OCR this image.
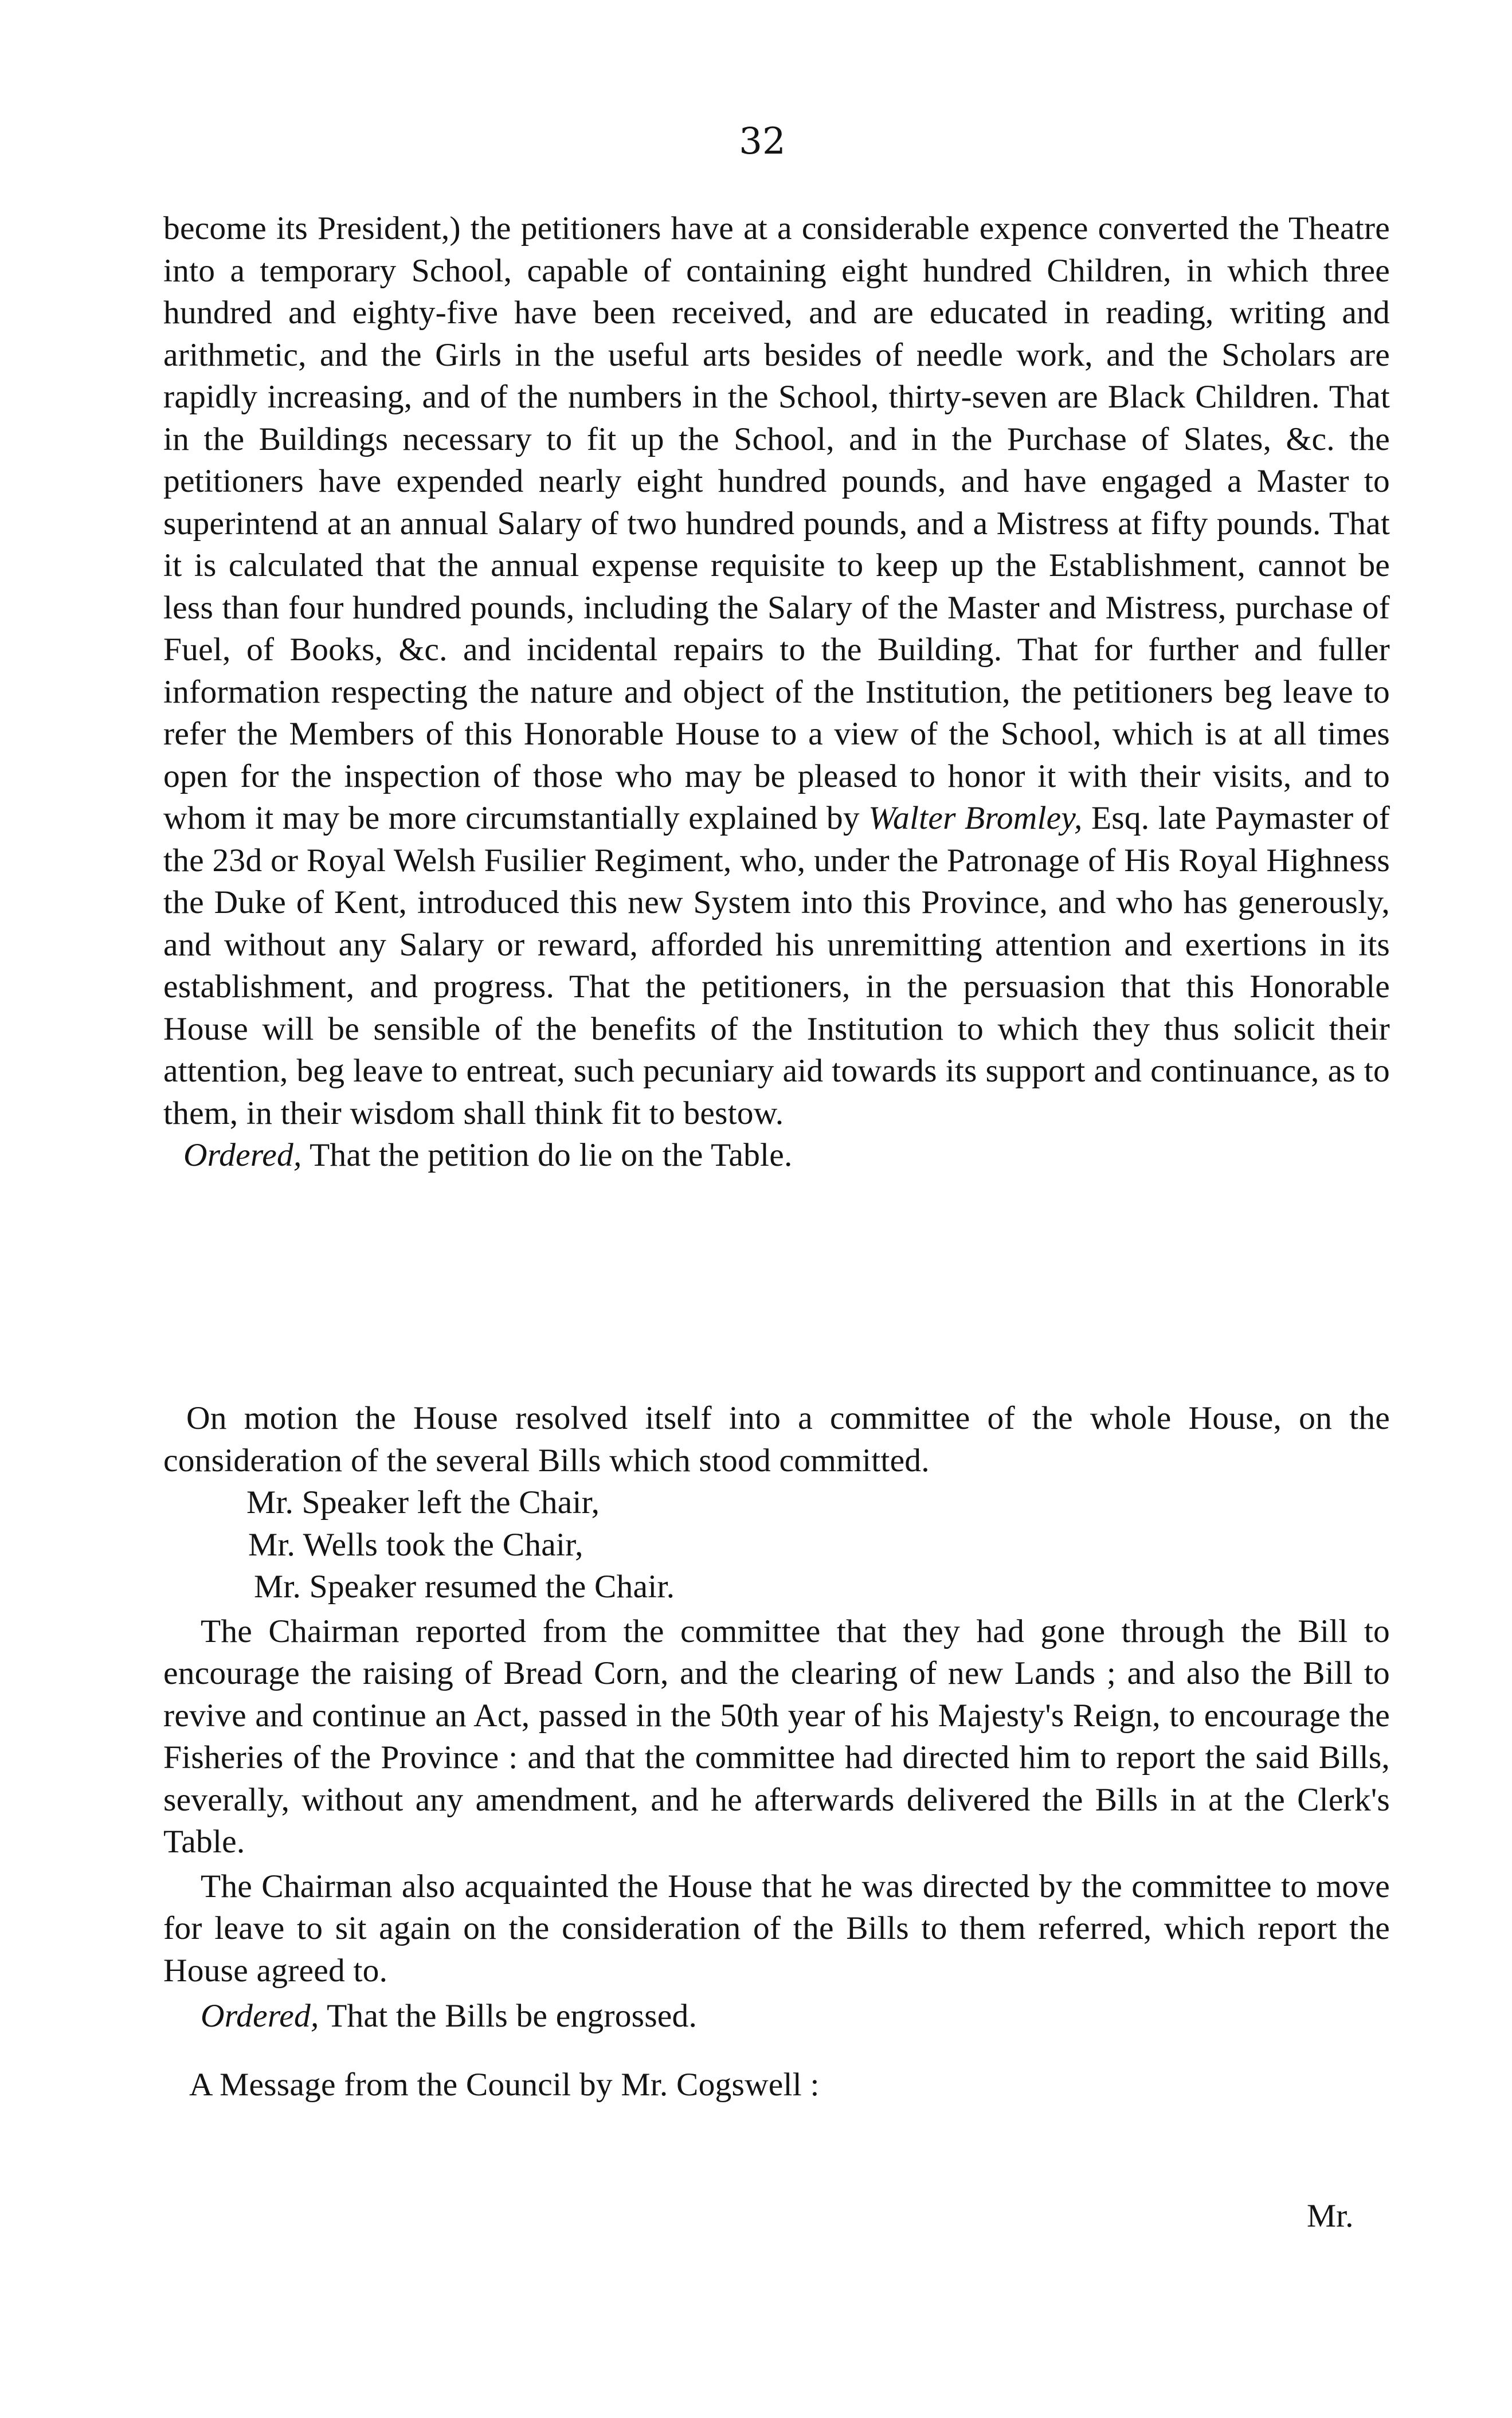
32

become its President,) the petitioners have at a considerable expence converted the Theatre into a temporary School, capable of containing eight hundred Children, in which three hundred and eighty-five have been received, and are educated in reading, writing and arithmetic, and the Girls in the useful arts besides of needle work, and the Scholars are rapidly increasing, and of the numbers in the School, thirty-seven are Black Children. That in the Buildings necessary to fit up the School, and in the Purchase of Slates, &c. the petitioners have expended nearly eight hundred pounds, and have engaged a Master to superintend at an annual Salary of two hundred pounds, and a Mistress at fifty pounds. That it is calculated that the annual expense requisite to keep up the Establishment, cannot be less than four hundred pounds, including the Salary of the Master and Mistress, purchase of Fuel, of Books, &c. and incidental repairs to the Building. That for further and fuller information respecting the nature and object of the Institution, the petitioners beg leave to refer the Members of this Honorable House to a view of the School, which is at all times open for the inspection of those who may be pleased to honor it with their visits, and to whom it may be more circumstantially explained by Walter Bromley, Esq. late Paymaster of the 23d or Royal Welsh Fusilier Regiment, who, under the Patronage of His Royal Highness the Duke of Kent, introduced this new System into this Province, and who has generously, and without any Salary or reward, afforded his unremitting attention and exertions in its establishment, and progress. That the petitioners, in the persuasion that this Honorable House will be sensible of the benefits of the Institution to which they thus solicit their attention, beg leave to entreat, such pecuniary aid towards its support and continuance, as to them, in their wisdom shall think fit to bestow.

Ordered, That the petition do lie on the Table.

On motion the House resolved itself into a committee of the whole House, on the consideration of the several Bills which stood committed.

Mr. Speaker left the Chair,

Mr. Wells took the Chair,

Mr. Speaker resumed the Chair.

The Chairman reported from the committee that they had gone through the Bill to encourage the raising of Bread Corn, and the clearing of new Lands ; and also the Bill to revive and continue an Act, passed in the 50th year of his Majesty's Reign, to encourage the Fisheries of the Province : and that the committee had directed him to report the said Bills, severally, without any amendment, and he afterwards delivered the Bills in at the Clerk's Table.

The Chairman also acquainted the House that he was directed by the committee to move for leave to sit again on the consideration of the Bills to them referred, which report the House agreed to.

Ordered, That the Bills be engrossed.

A Message from the Council by Mr. Cogswell :

Mr.
